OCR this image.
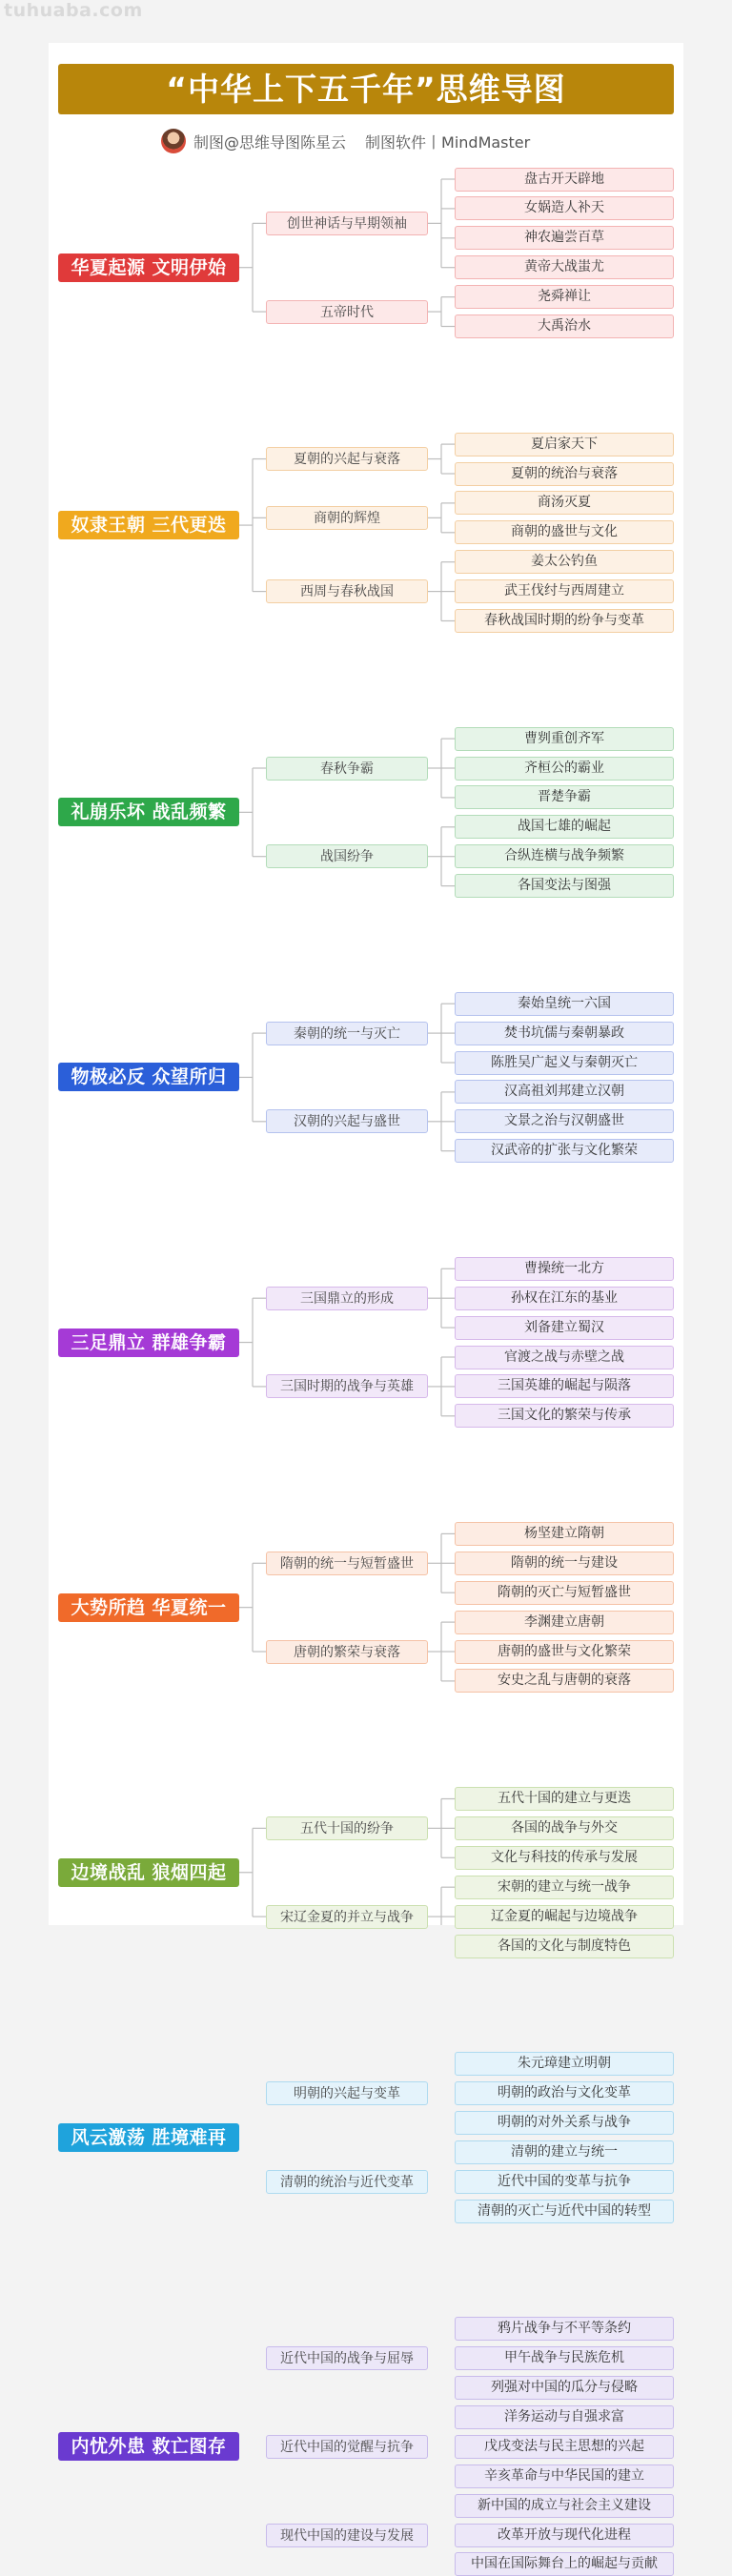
tuhuaba.com
“中华上下五千年”思维导图
制图@思维导图陈星云 制图软件丨MindMaster
盘古开天辟地
女娲造人补天
神农遍尝百草
黄帝大战蚩尤
创世神话与早期领袖
尧舜禅让
大禹治水
五帝时代
华夏起源 文明伊始
夏启家天下
夏朝的统治与衰落
夏朝的兴起与衰落
商汤灭夏
商朝的盛世与文化
商朝的辉煌
姜太公钓鱼
武王伐纣与西周建立
春秋战国时期的纷争与变革
西周与春秋战国
奴隶王朝 三代更迭
曹刿重创齐军
齐桓公的霸业
晋楚争霸
春秋争霸
战国七雄的崛起
合纵连横与战争频繁
各国变法与图强
战国纷争
礼崩乐坏 战乱频繁
秦始皇统一六国
焚书坑儒与秦朝暴政
陈胜吴广起义与秦朝灭亡
秦朝的统一与灭亡
汉高祖刘邦建立汉朝
文景之治与汉朝盛世
汉武帝的扩张与文化繁荣
汉朝的兴起与盛世
物极必反 众望所归
曹操统一北方
孙权在江东的基业
刘备建立蜀汉
三国鼎立的形成
官渡之战与赤壁之战
三国英雄的崛起与陨落
三国文化的繁荣与传承
三国时期的战争与英雄
三足鼎立 群雄争霸
杨坚建立隋朝
隋朝的统一与建设
隋朝的灭亡与短暂盛世
隋朝的统一与短暂盛世
李渊建立唐朝
唐朝的盛世与文化繁荣
安史之乱与唐朝的衰落
唐朝的繁荣与衰落
大势所趋 华夏统一
五代十国的建立与更迭
各国的战争与外交
文化与科技的传承与发展
五代十国的纷争
宋朝的建立与统一战争
辽金夏的崛起与边境战争
各国的文化与制度特色
宋辽金夏的并立与战争
边境战乱 狼烟四起
朱元璋建立明朝
明朝的政治与文化变革
明朝的对外关系与战争
明朝的兴起与变革
清朝的建立与统一
近代中国的变革与抗争
清朝的灭亡与近代中国的转型
清朝的统治与近代变革
风云激荡 胜境难再
鸦片战争与不平等条约
甲午战争与民族危机
列强对中国的瓜分与侵略
近代中国的战争与屈辱
洋务运动与自强求富
戊戌变法与民主思想的兴起
辛亥革命与中华民国的建立
近代中国的觉醒与抗争
新中国的成立与社会主义建设
改革开放与现代化进程
中国在国际舞台上的崛起与贡献
现代中国的建设与发展
内忧外患 救亡图存
